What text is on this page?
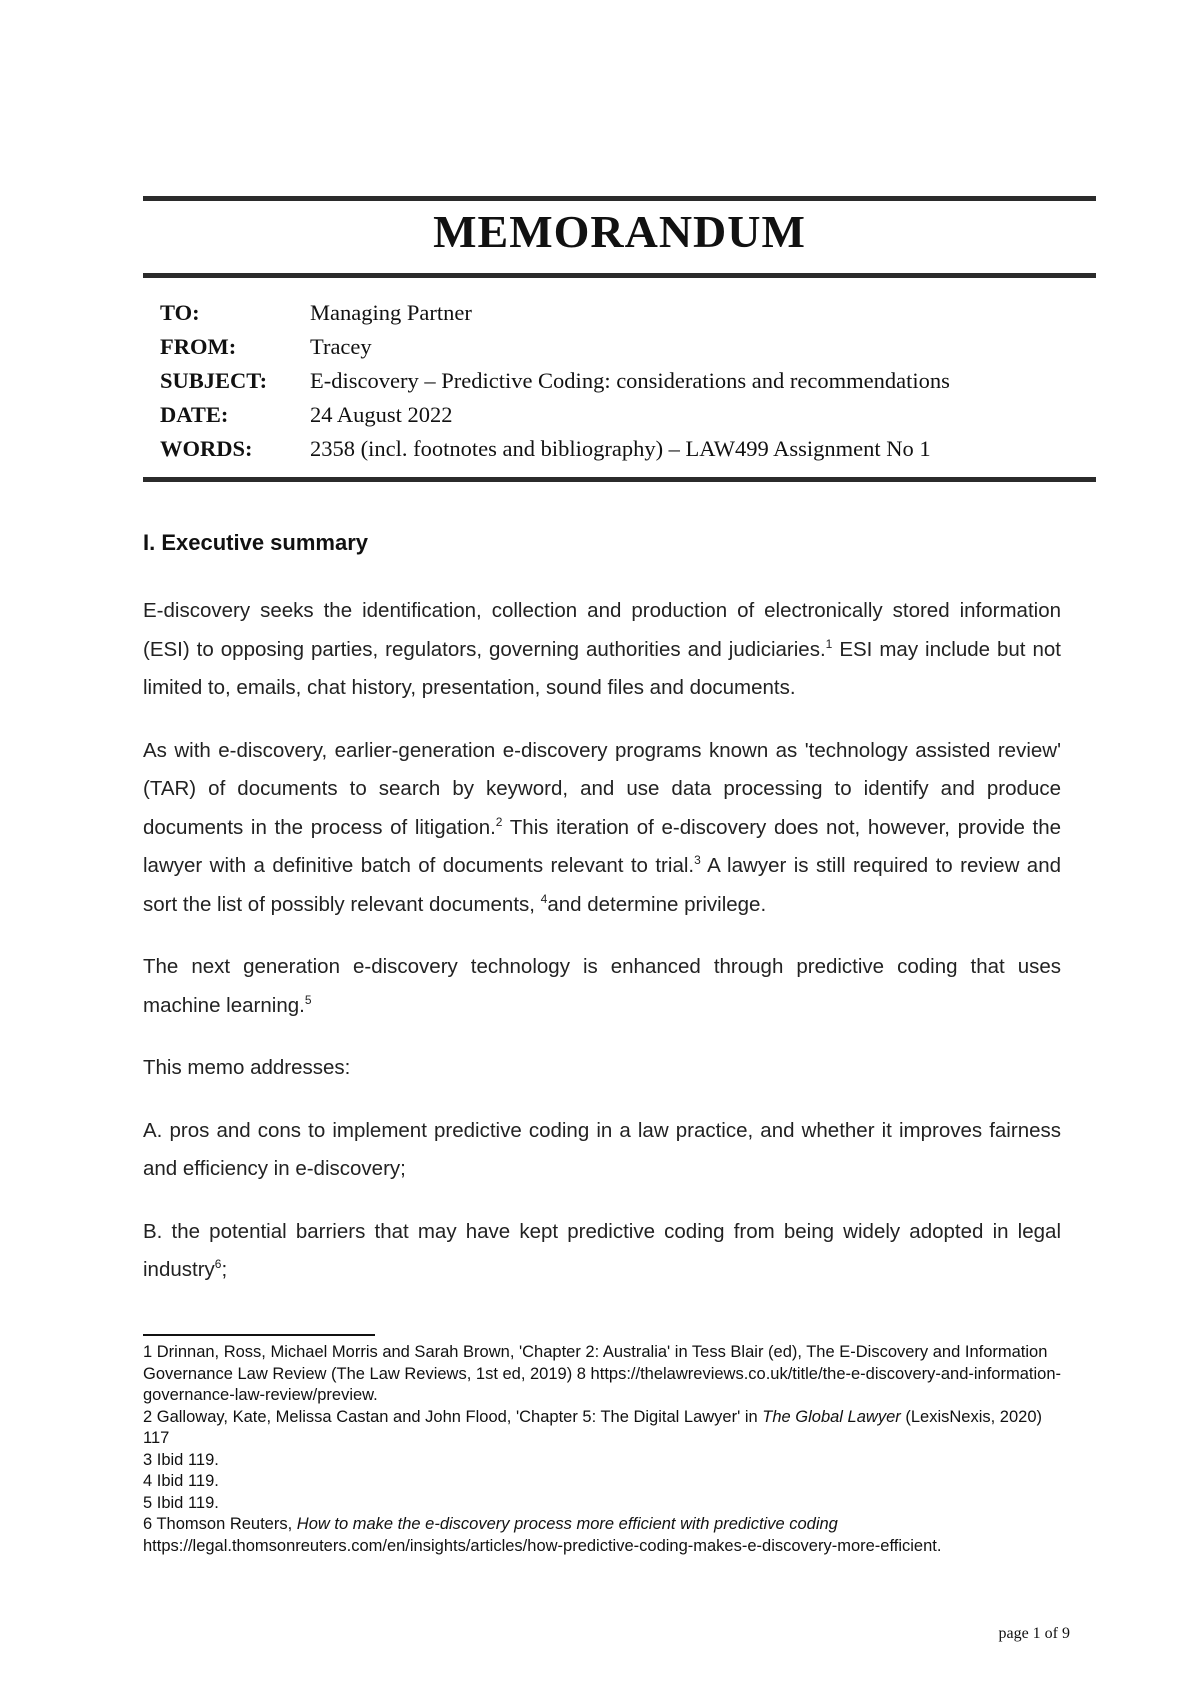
MEMORANDUM
TO:	Managing Partner
FROM:	Tracey
SUBJECT:	E-discovery – Predictive Coding: considerations and recommendations
DATE:	24 August 2022
WORDS:	2358 (incl. footnotes and bibliography) – LAW499 Assignment No 1
I. Executive summary

E-discovery seeks the identification, collection and production of electronically stored information (ESI) to opposing parties, regulators, governing authorities and judiciaries.$^1$ ESI may include but not limited to, emails, chat history, presentation, sound files and documents.

As with e-discovery, earlier-generation e-discovery programs known as 'technology assisted review' (TAR) of documents to search by keyword, and use data processing to identify and produce documents in the process of litigation.$^2$ This iteration of e-discovery does not, however, provide the lawyer with a definitive batch of documents relevant to trial.$^3$ A lawyer is still required to review and sort the list of possibly relevant documents, $^4$and determine privilege.

The next generation e-discovery technology is enhanced through predictive coding that uses machine learning.$^5$

This memo addresses:

A. pros and cons to implement predictive coding in a law practice, and whether it improves fairness and efficiency in e-discovery;

B. the potential barriers that may have kept predictive coding from being widely adopted in legal industry$^6$;

1 Drinnan, Ross, Michael Morris and Sarah Brown, 'Chapter 2: Australia' in Tess Blair (ed), The E-Discovery and Information Governance Law Review (The Law Reviews, 1st ed, 2019) 8 https://thelawreviews.co.uk/title/the-e-discovery-and-information-governance-law-review/preview.

2 Galloway, Kate, Melissa Castan and John Flood, 'Chapter 5: The Digital Lawyer' in The Global Lawyer (LexisNexis, 2020) 117

3 Ibid 119.

4 Ibid 119.

5 Ibid 119.

6 Thomson Reuters, How to make the e-discovery process more efficient with predictive coding
https://legal.thomsonreuters.com/en/insights/articles/how-predictive-coding-makes-e-discovery-more-efficient.

page 1 of 9
